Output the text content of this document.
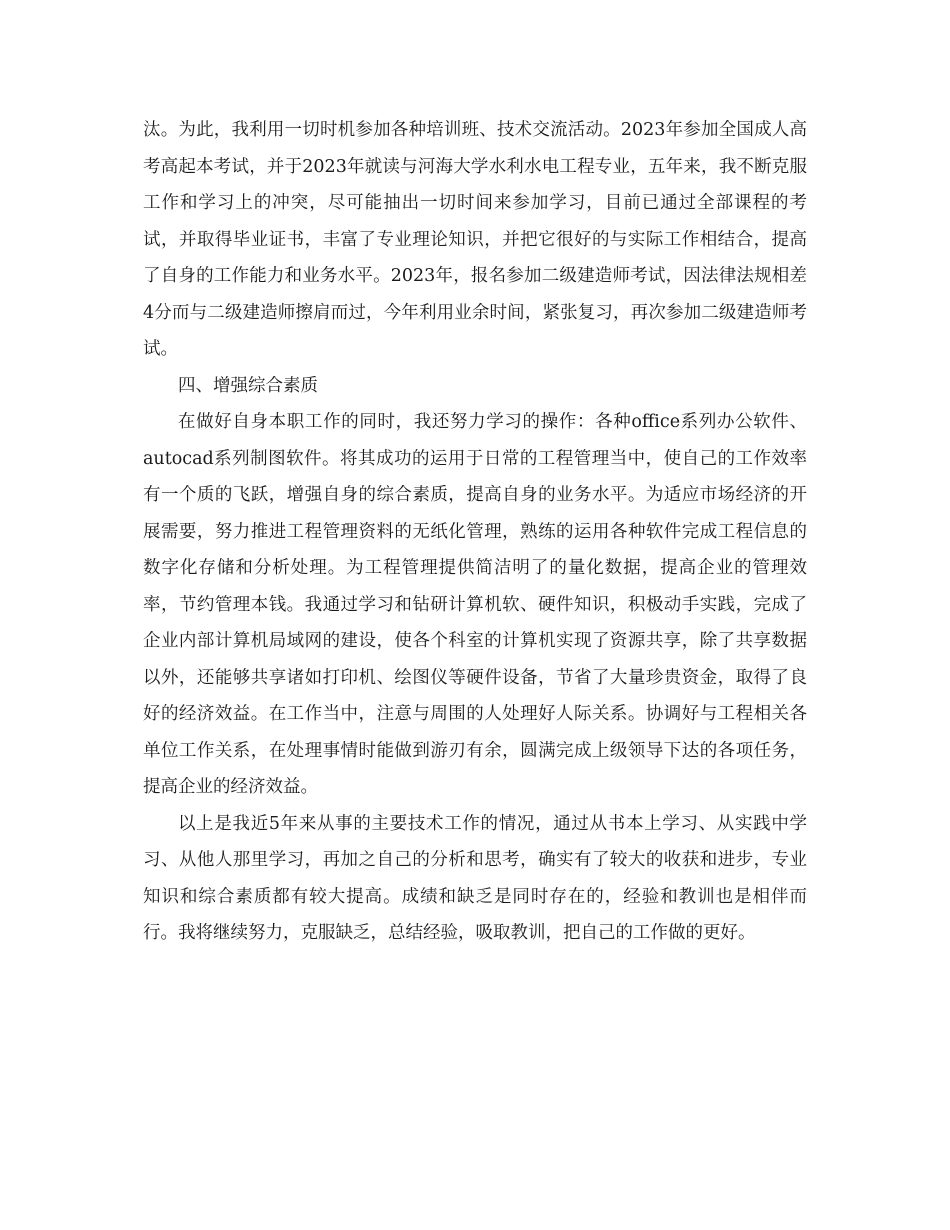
汰。为此，我利用一切时机参加各种培训班、技术交流活动。2023年参加全国成人高考高起本考试，并于2023年就读与河海大学水利水电工程专业，五年来，我不断克服工作和学习上的冲突，尽可能抽出一切时间来参加学习，目前已通过全部课程的考试，并取得毕业证书，丰富了专业理论知识，并把它很好的与实际工作相结合，提高了自身的工作能力和业务水平。2023年，报名参加二级建造师考试，因法律法规相差4分而与二级建造师擦肩而过，今年利用业余时间，紧张复习，再次参加二级建造师考试。

四、增强综合素质

在做好自身本职工作的同时，我还努力学习的操作：各种office系列办公软件、autocad系列制图软件。将其成功的运用于日常的工程管理当中，使自己的工作效率有一个质的飞跃，增强自身的综合素质，提高自身的业务水平。为适应市场经济的开展需要，努力推进工程管理资料的无纸化管理，熟练的运用各种软件完成工程信息的数字化存储和分析处理。为工程管理提供简洁明了的量化数据，提高企业的管理效率，节约管理本钱。我通过学习和钻研计算机软、硬件知识，积极动手实践，完成了企业内部计算机局域网的建设，使各个科室的计算机实现了资源共享，除了共享数据以外，还能够共享诸如打印机、绘图仪等硬件设备，节省了大量珍贵资金，取得了良好的经济效益。在工作当中，注意与周围的人处理好人际关系。协调好与工程相关各单位工作关系，在处理事情时能做到游刃有余，圆满完成上级领导下达的各项任务，提高企业的经济效益。

以上是我近5年来从事的主要技术工作的情况，通过从书本上学习、从实践中学习、从他人那里学习，再加之自己的分析和思考，确实有了较大的收获和进步，专业知识和综合素质都有较大提高。成绩和缺乏是同时存在的，经验和教训也是相伴而行。我将继续努力，克服缺乏，总结经验，吸取教训，把自己的工作做的更好。
